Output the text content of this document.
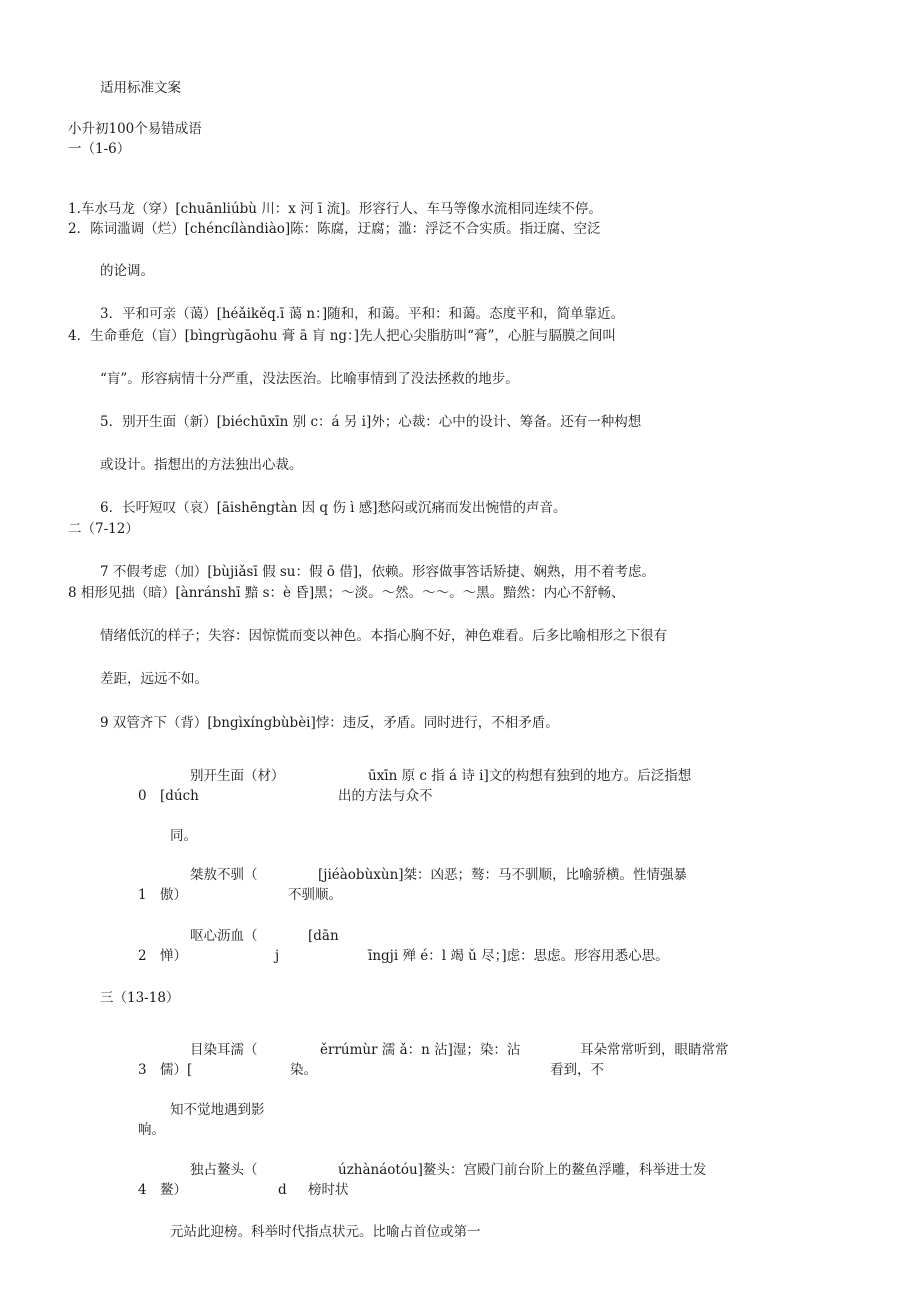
适用标准文案
小升初100个易错成语
一（1-6）
1.车水马龙（穿）[chuānliúbù 川：x 河 ī 流]。形容行人、车马等像水流相同连续不停。
2．陈词滥调（烂）[chéncílàndiào]陈：陈腐，迂腐；滥：浮泛不合实质。指迂腐、空泛
的论调。
3．平和可亲（蔼）[héǎikěq.ī 蔼 n：]随和，和蔼。平和：和蔼。态度平和，简单靠近。
4．生命垂危（盲）[bìngrùgāohu 膏 ā 肓 ng：]先人把心尖脂肪叫“膏”，心脏与膈膜之间叫
“肓”。形容病情十分严重，没法医治。比喻事情到了没法拯救的地步。
5．别开生面（新）[biéchūxīn 别 c：á 另 i]外；心裁：心中的设计、筹备。还有一种构想
或设计。指想出的方法独出心裁。
6．长吁短叹（哀）[āishēngtàn 因 q 伤 ì 感]愁闷或沉痛而发出惋惜的声音。
二（7-12）
7 不假考虑（加）[bùjiǎsī 假 su：假 ō 借]，依赖。形容做事答话矫捷、娴熟，用不着考虑。
8 相形见拙（暗）[ànránshī 黯 s：è 昏]黑；～淡。～然。～～。～黑。黯然：内心不舒畅、
情绪低沉的样子；失容：因惊慌而变以神色。本指心胸不好，神色难看。后多比喻相形之下很有
差距，远远不如。
9 双管齐下（背）[bngìxíngbùbèi]悖：违反，矛盾。同时进行，不相矛盾。
别开生面（材）	ūxīn 原 c 指 á 诗 i]文的构想有独到的地方。后泛指想
0 [dúch	出的方法与众不
同。
桀敖不驯（	[jiéàobùxùn]桀：凶恶；骜：马不驯顺，比喻骄横。性情强暴
1 傲）	不驯顺。
呕心沥血（	[dān
2 惮）	j	īngji 殚 é：l 竭 ǔ 尽；]虑：思虑。形容用悉心思。
三（13-18）
目染耳濡（	ěrrúmùr 濡 ǎ：n 沾]湿；染：沾	耳朵常常听到，眼睛常常
3 儒）[	染。	看到，不
知不觉地遇到影
响。
独占鳌头（	úzhànáotóu]鳌头：宫殿门前台阶上的鳌鱼浮雕，科举进士发
4 鳌）	d 榜时状
元站此迎榜。科举时代指点状元。比喻占首位或第一
